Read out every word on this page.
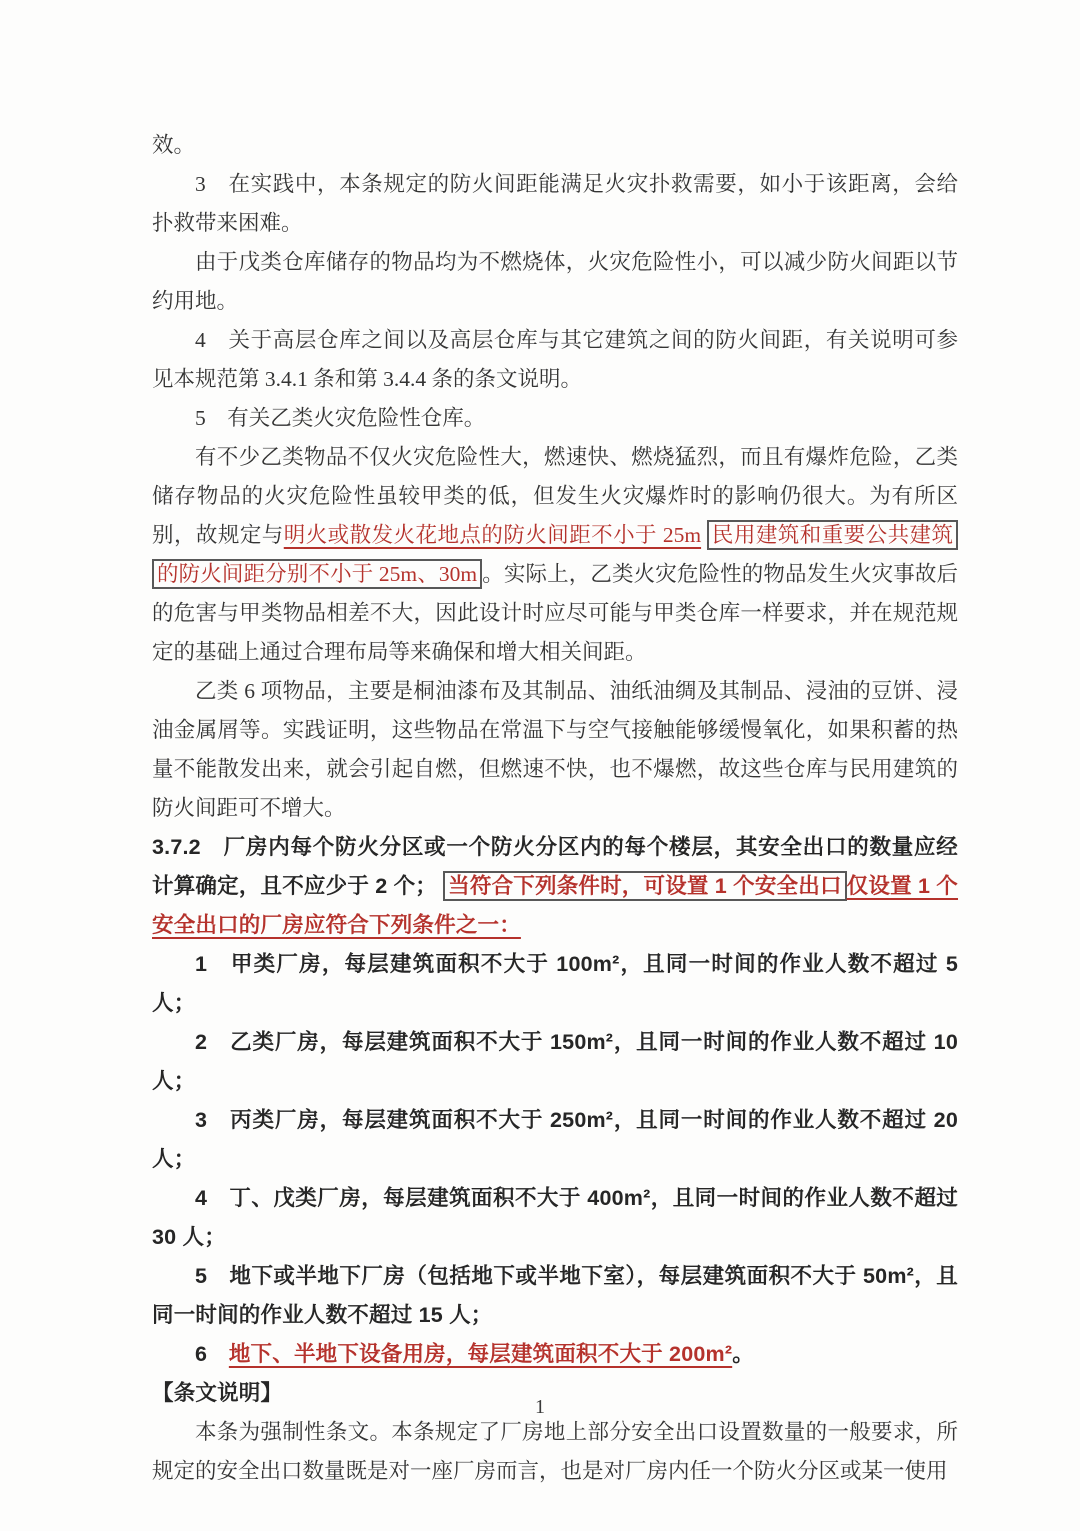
效。

3　在实践中，本条规定的防火间距能满足火灾扑救需要，如小于该距离，会给扑救带来困难。

由于戊类仓库储存的物品均为不燃烧体，火灾危险性小，可以减少防火间距以节约用地。

4　关于高层仓库之间以及高层仓库与其它建筑之间的防火间距，有关说明可参见本规范第 3.4.1 条和第 3.4.4 条的条文说明。

5　有关乙类火灾危险性仓库。

有不少乙类物品不仅火灾危险性大，燃速快、燃烧猛烈，而且有爆炸危险，乙类储存物品的火灾危险性虽较甲类的低，但发生火灾爆炸时的影响仍很大。为有所区别，故规定与明火或散发火花地点的防火间距不小于 25m 民用建筑和重要公共建筑的防火间距分别不小于 25m、30m 。实际上，乙类火灾危险性的物品发生火灾事故后的危害与甲类物品相差不大，因此设计时应尽可能与甲类仓库一样要求，并在规范规定的基础上通过合理布局等来确保和增大相关间距。

乙类 6 项物品，主要是桐油漆布及其制品、油纸油绸及其制品、浸油的豆饼、浸油金属屑等。实践证明，这些物品在常温下与空气接触能够缓慢氧化，如果积蓄的热量不能散发出来，就会引起自燃，但燃速不快，也不爆燃，故这些仓库与民用建筑的防火间距可不增大。

3.7.2　厂房内每个防火分区或一个防火分区内的每个楼层，其安全出口的数量应经计算确定，且不应少于 2 个； 当符合下列条件时，可设置 1 个安全出口 仅设置 1 个安全出口的厂房应符合下列条件之一：

1　甲类厂房，每层建筑面积不大于 100m²，且同一时间的作业人数不超过 5 人；

2　乙类厂房，每层建筑面积不大于 150m²，且同一时间的作业人数不超过 10 人；

3　丙类厂房，每层建筑面积不大于 250m²，且同一时间的作业人数不超过 20 人；

4　丁、戊类厂房，每层建筑面积不大于 400m²，且同一时间的作业人数不超过 30 人；

5　地下或半地下厂房（包括地下或半地下室），每层建筑面积不大于 50m²，且同一时间的作业人数不超过 15 人；

6　地下、半地下设备用房，每层建筑面积不大于 200m²。

【条文说明】

本条为强制性条文。本条规定了厂房地上部分安全出口设置数量的一般要求，所规定的安全出口数量既是对一座厂房而言，也是对厂房内任一个防火分区或某一使用

1
